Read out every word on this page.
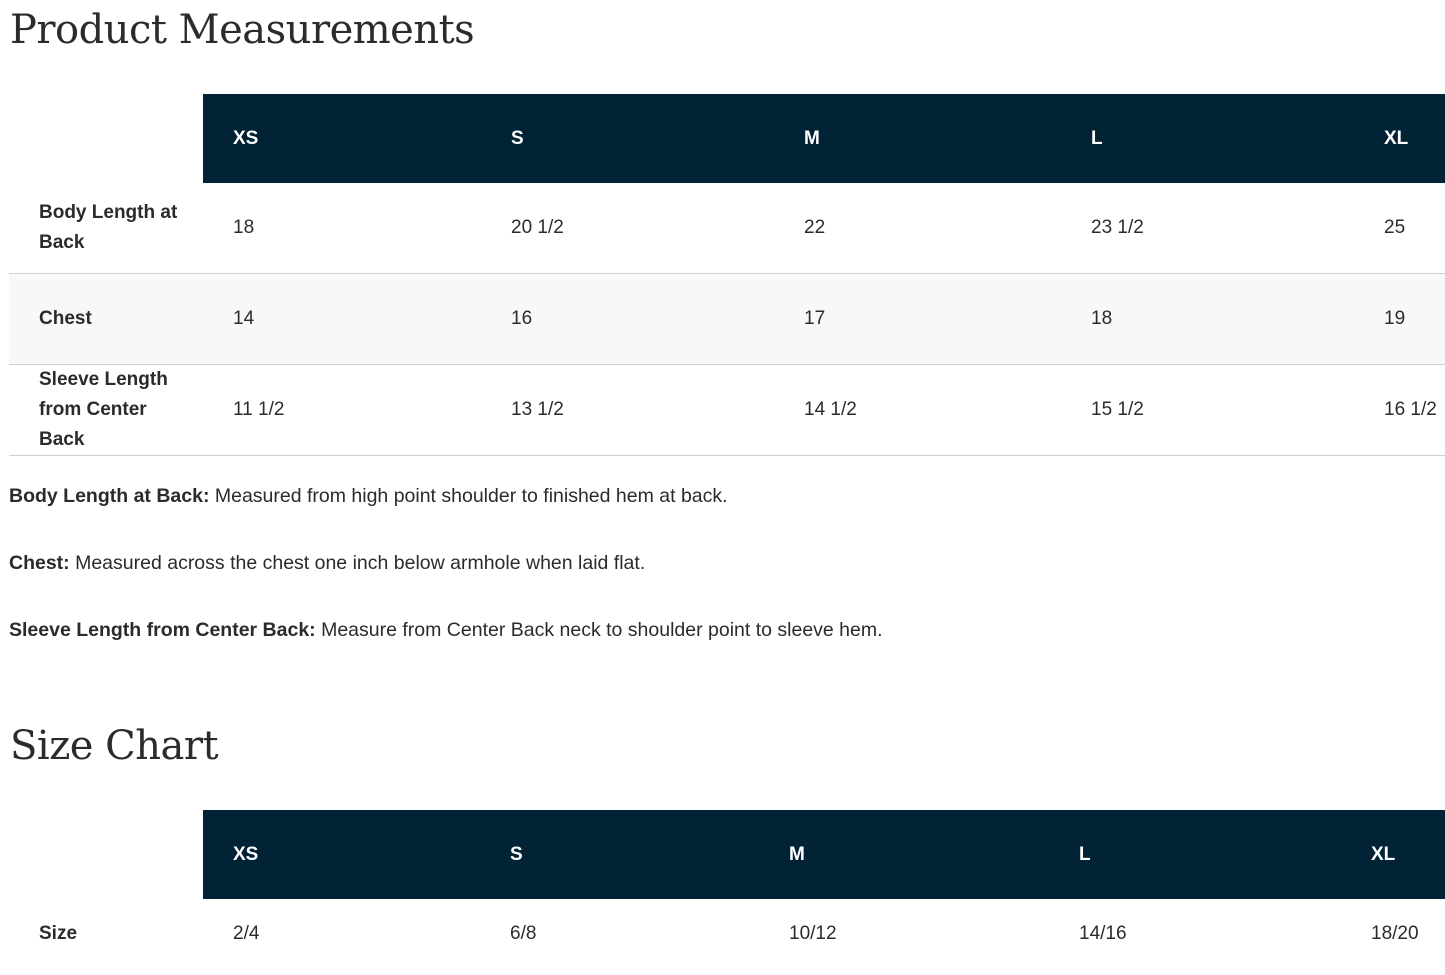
Product Measurements
	XS	S	M	L	XL
Body Length at Back	18	20 1/2	22	23 1/2	25
Chest	14	16	17	18	19
Sleeve Length from Center Back	11 1/2	13 1/2	14 1/2	15 1/2	16 1/2

Body Length at Back: Measured from high point shoulder to finished hem at back.

Chest: Measured across the chest one inch below armhole when laid flat.

Sleeve Length from Center Back: Measure from Center Back neck to shoulder point to sleeve hem.

Size Chart
	XS	S	M	L	XL
Size	2/4	6/8	10/12	14/16	18/20
